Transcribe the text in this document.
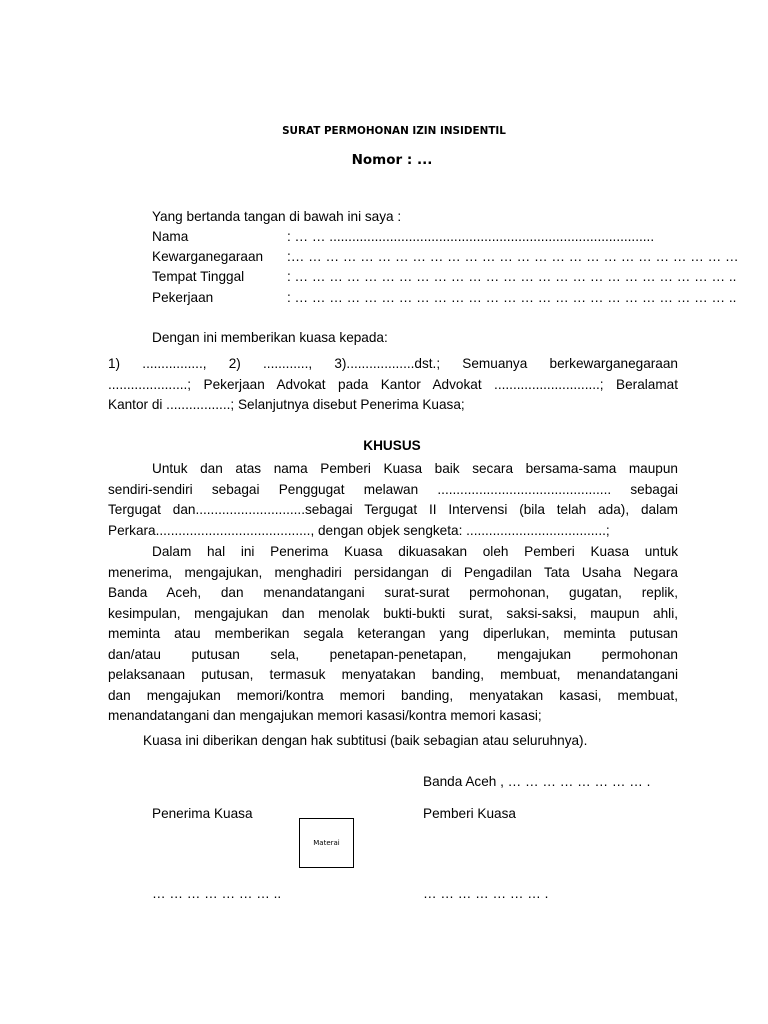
SURAT PERMOHONAN IZIN INSIDENTIL
Nomor : ...
Yang bertanda tangan di bawah ini saya :
Nama	: … … ......................................................................................
Kewarganegaraan :… … … … … … … … … … … … … … … … … … … … … … … … … …
Tempat Tinggal	: … … … … … … … … … … … … … … … … … … … … … … … … … ..
Pekerjaan	: … … … … … … … … … … … … … … … … … … … … … … … … … ..
Dengan ini memberikan kuasa kepada:
1) ................, 2) ............, 3)..................dst.; Semuanya berkewarganegaraan
.....................; Pekerjaan Advokat pada Kantor Advokat ............................; Beralamat
Kantor di .................; Selanjutnya disebut Penerima Kuasa;
KHUSUS
Untuk dan atas nama Pemberi Kuasa baik secara bersama-sama maupun
sendiri-sendiri sebagai Penggugat melawan .............................................. sebagai
Tergugat dan.............................sebagai Tergugat II Intervensi (bila telah ada), dalam
Perkara........................................., dengan objek sengketa: .....................................;
Dalam hal ini Penerima Kuasa dikuasakan oleh Pemberi Kuasa untuk
menerima, mengajukan, menghadiri persidangan di Pengadilan Tata Usaha Negara
Banda Aceh, dan menandatangani surat-surat permohonan, gugatan, replik,
kesimpulan, mengajukan dan menolak bukti-bukti surat, saksi-saksi, maupun ahli,
meminta atau memberikan segala keterangan yang diperlukan, meminta putusan
dan/atau putusan sela, penetapan-penetapan, mengajukan permohonan
pelaksanaan putusan, termasuk menyatakan banding, membuat, menandatangani
dan mengajukan memori/kontra memori banding, menyatakan kasasi, membuat,
menandatangani dan mengajukan memori kasasi/kontra memori kasasi;
Kuasa ini diberikan dengan hak subtitusi (baik sebagian atau seluruhnya).
Banda Aceh , … … … … … … … … .
Penerima Kuasa	Pemberi Kuasa
Materai
… … … … … … … ..	… … … … … … … .
